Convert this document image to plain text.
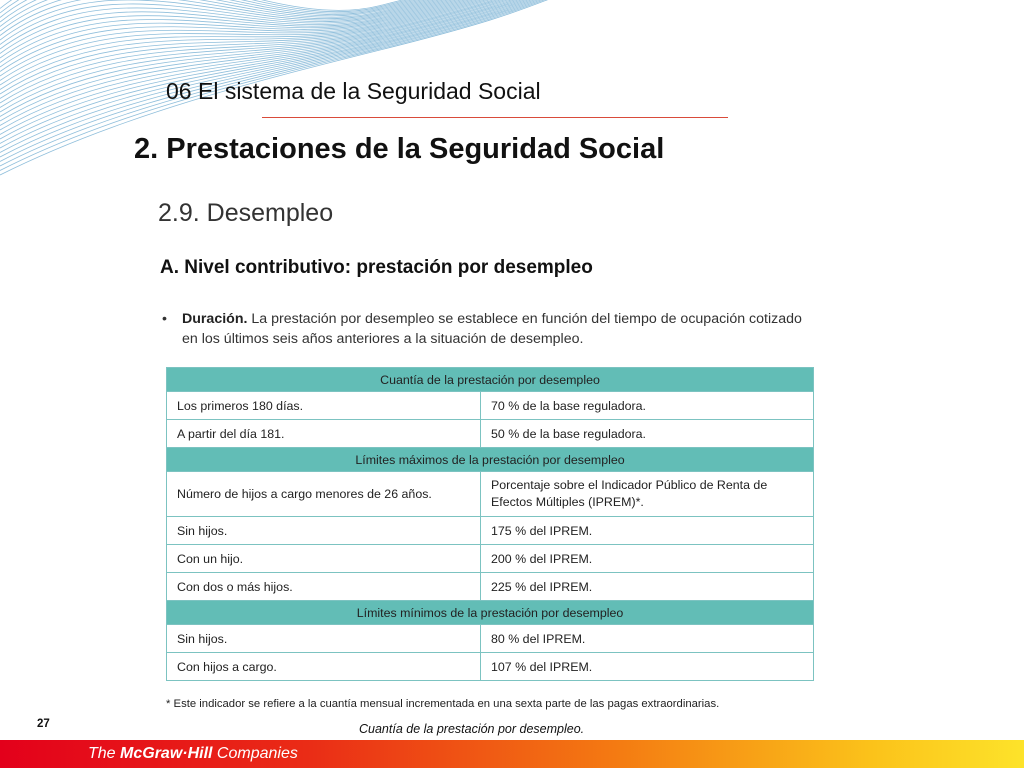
06 El sistema de la Seguridad Social
2. Prestaciones de la Seguridad Social
2.9. Desempleo
A. Nivel contributivo: prestación por desempleo
• Duración. La prestación por desempleo se establece en función del tiempo de ocupación cotizado en los últimos seis años anteriores a la situación de desempleo.
Cuantía de la prestación por desempleo	
Los primeros 180 días.	70 % de la base reguladora.
A partir del día 181.	50 % de la base reguladora.
Límites máximos de la prestación por desempleo	
Número de hijos a cargo menores de 26 años.	Porcentaje sobre el Indicador Público de Renta de Efectos Múltiples (IPREM)*.
Sin hijos.	175 % del IPREM.
Con un hijo.	200 % del IPREM.
Con dos o más hijos.	225 % del IPREM.
Límites mínimos de la prestación por desempleo	
Sin hijos.	80 % del IPREM.
Con hijos a cargo.	107 % del IPREM.
* Este indicador se refiere a la cuantía mensual incrementada en una sexta parte de las pagas extraordinarias.
Cuantía de la prestación por desempleo.
27
The McGraw·Hill Companies
